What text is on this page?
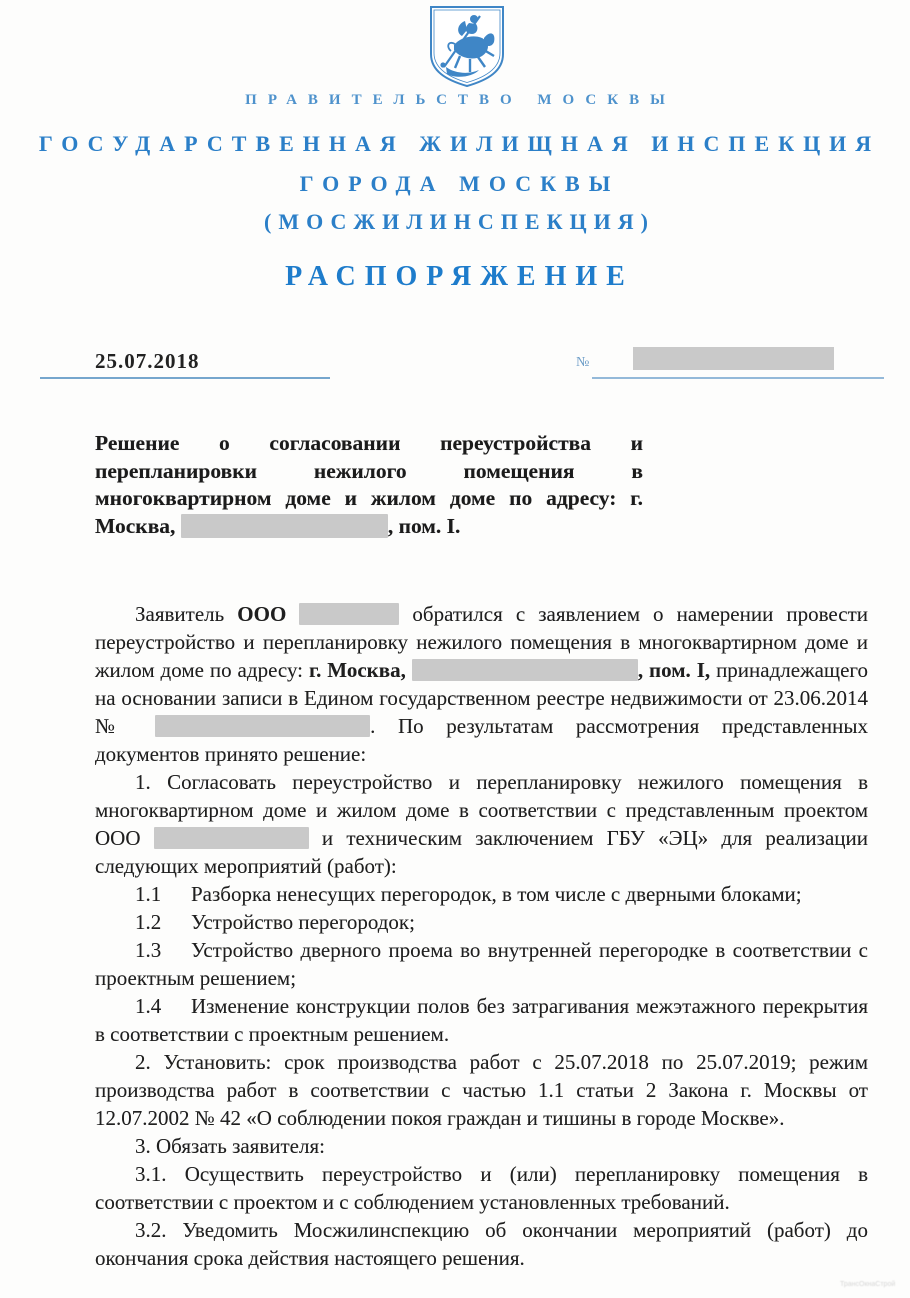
ПРАВИТЕЛЬСТВО МОСКВЫ
ГОСУДАРСТВЕННАЯ ЖИЛИЩНАЯ ИНСПЕКЦИЯ
ГОРОДА МОСКВЫ
(МОСЖИЛИНСПЕКЦИЯ)
РАСПОРЯЖЕНИЕ
25.07.2018	№
Решение о согласовании переустройства и перепланировки нежилого помещения в многоквартирном доме и жилом доме по адресу: г. Москва,	, пом. I.

Заявитель ООО	обратился с заявлением о намерении провести переустройство и перепланировку нежилого помещения в многоквартирном доме и жилом доме по адресу: г. Москва,	, пом. I, принадлежащего на основании записи в Едином государственном реестре недвижимости от 23.06.2014 №	. По результатам рассмотрения представленных документов принято решение:

1. Согласовать переустройство и перепланировку нежилого помещения в многоквартирном доме и жилом доме в соответствии с представленным проектом ООО	и техническим заключением ГБУ «ЭЦ» для реализации следующих мероприятий (работ):

1.1 Разборка ненесущих перегородок, в том числе с дверными блоками;

1.2 Устройство перегородок;

1.3 Устройство дверного проема во внутренней перегородке в соответствии с проектным решением;

1.4 Изменение конструкции полов без затрагивания межэтажного перекрытия в соответствии с проектным решением.

2. Установить: срок производства работ с 25.07.2018 по 25.07.2019; режим производства работ в соответствии с частью 1.1 статьи 2 Закона г. Москвы от 12.07.2002 № 42 «О соблюдении покоя граждан и тишины в городе Москве».

3. Обязать заявителя:

3.1. Осуществить переустройство и (или) перепланировку помещения в соответствии с проектом и с соблюдением установленных требований.

3.2. Уведомить Мосжилинспекцию об окончании мероприятий (работ) до окончания срока действия настоящего решения.

ТрансОкнаСтрой
